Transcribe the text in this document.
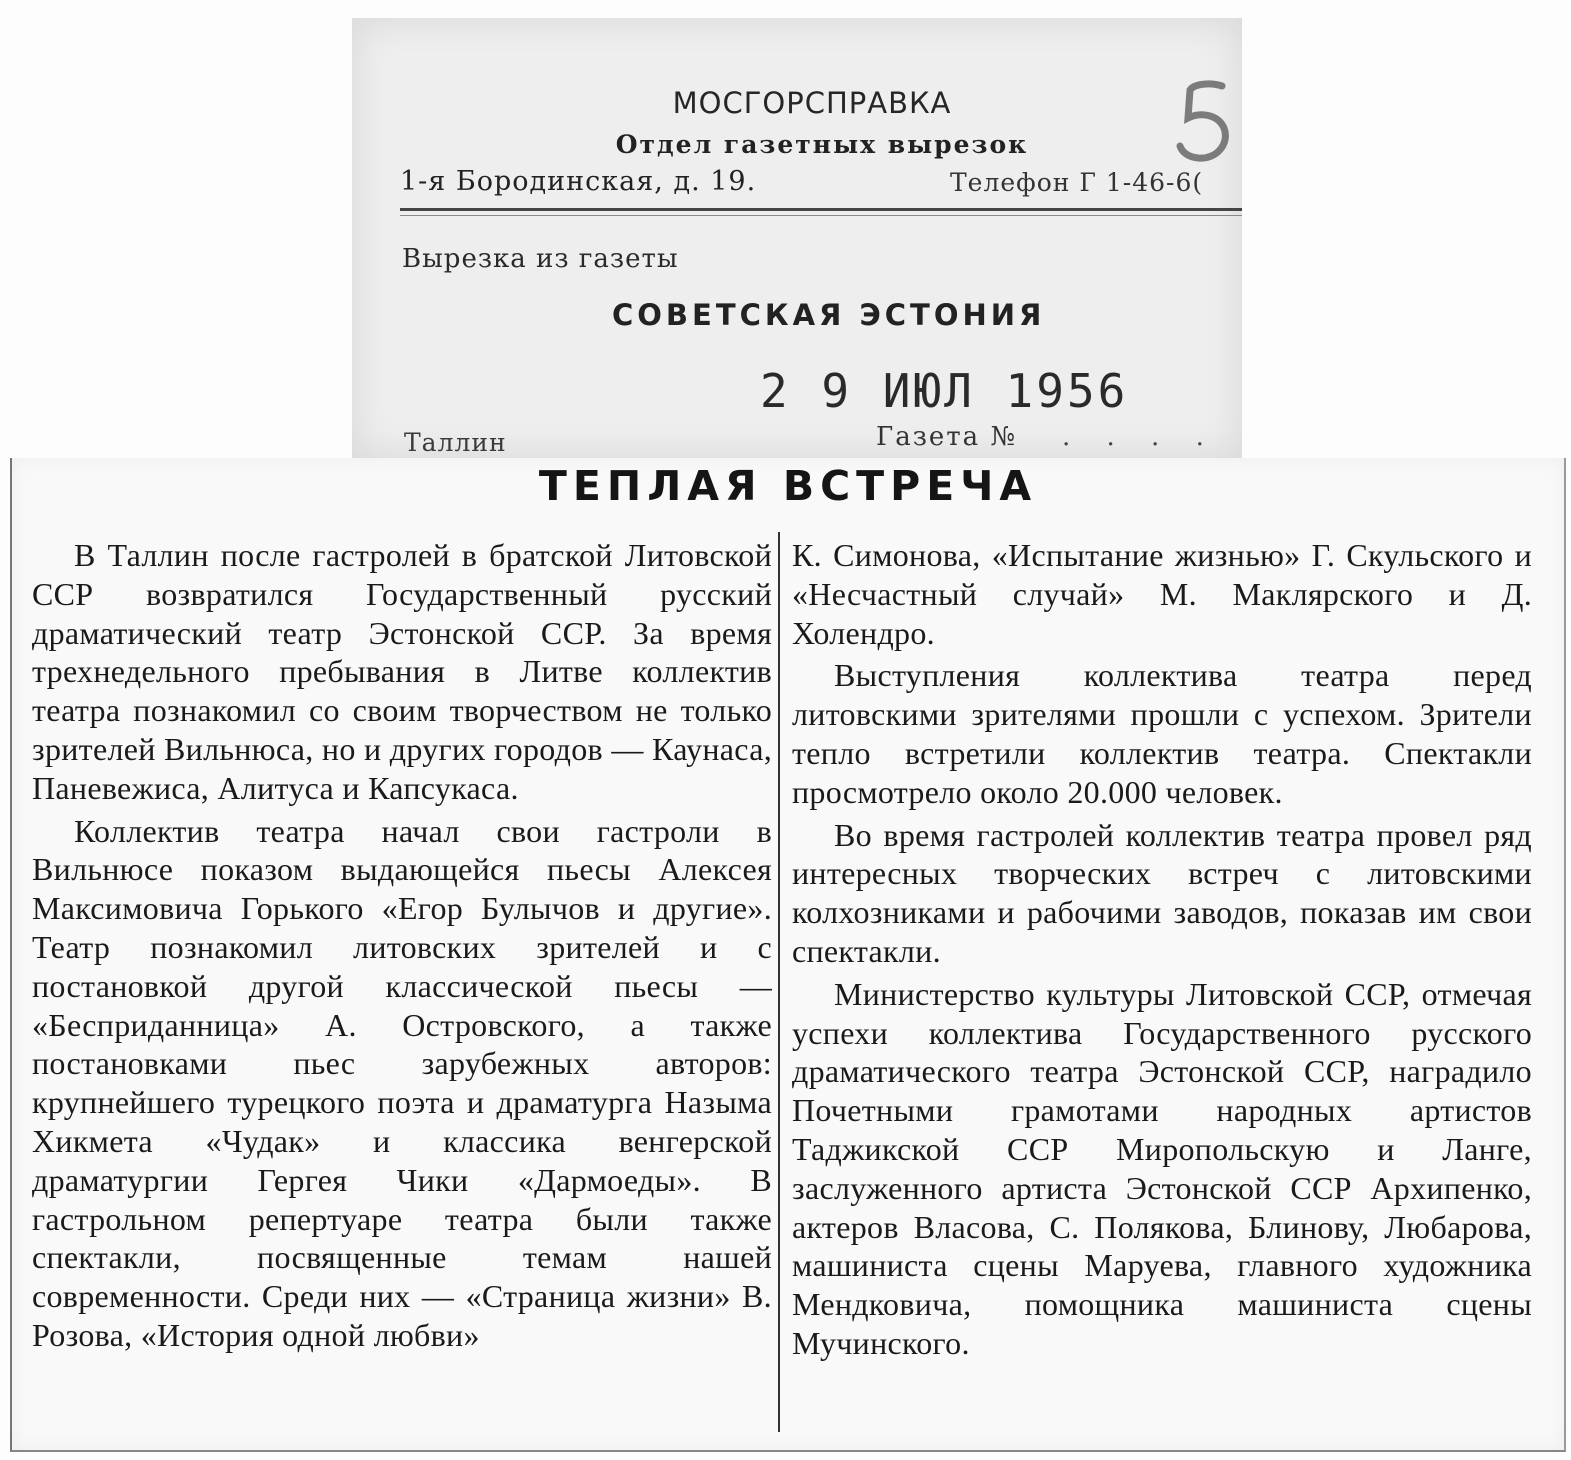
МОСГОРСПРАВКА
Отдел газетных вырезок
1-я Бородинская, д. 19.	Телефон Г 1-46-6(
Вырезка из газеты
СОВЕТСКАЯ ЭСТОНИЯ
2 9 ИЮЛ 1956
Таллин	Газета № . . . .
ТЕПЛАЯ ВСТРЕЧА

В Таллин после гастролей в братской Литовской ССР возвратился Государственный русский драматический театр Эстонской ССР. За время трехнедельного пребывания в Литве коллектив театра познакомил со своим творчеством не только зрителей Вильнюса, но и других городов — Каунаса, Паневежиса, Алитуса и Капсукаса.

Коллектив театра начал свои гастроли в Вильнюсе показом выдающейся пьесы Алексея Максимовича Горького «Егор Булычов и другие». Театр познакомил литовских зрителей и с постановкой другой классической пьесы — «Бесприданница» А. Островского, а также постановками пьес зарубежных авторов: крупнейшего турецкого поэта и драматурга Назыма Хикмета «Чудак» и классика венгерской драматургии Гергея Чики «Дармоеды». В гастрольном репертуаре театра были также спектакли, посвященные темам нашей современности. Среди них — «Страница жизни» В. Розова, «История одной любви»

К. Симонова, «Испытание жизнью» Г. Скульского и «Несчастный случай» М. Маклярского и Д. Холендро.

Выступления коллектива театра перед литовскими зрителями прошли с успехом. Зрители тепло встретили коллектив театра. Спектакли просмотрело около 20.000 человек.

Во время гастролей коллектив театра провел ряд интересных творческих встреч с литовскими колхозниками и рабочими заводов, показав им свои спектакли.

Министерство культуры Литовской ССР, отмечая успехи коллектива Государственного русского драматического театра Эстонской ССР, наградило Почетными грамотами народных артистов Таджикской ССР Миропольскую и Ланге, заслуженного артиста Эстонской ССР Архипенко, актеров Власова, С. Полякова, Блинову, Любарова, машиниста сцены Маруева, главного художника Мендковича, помощника машиниста сцены Мучинского.
